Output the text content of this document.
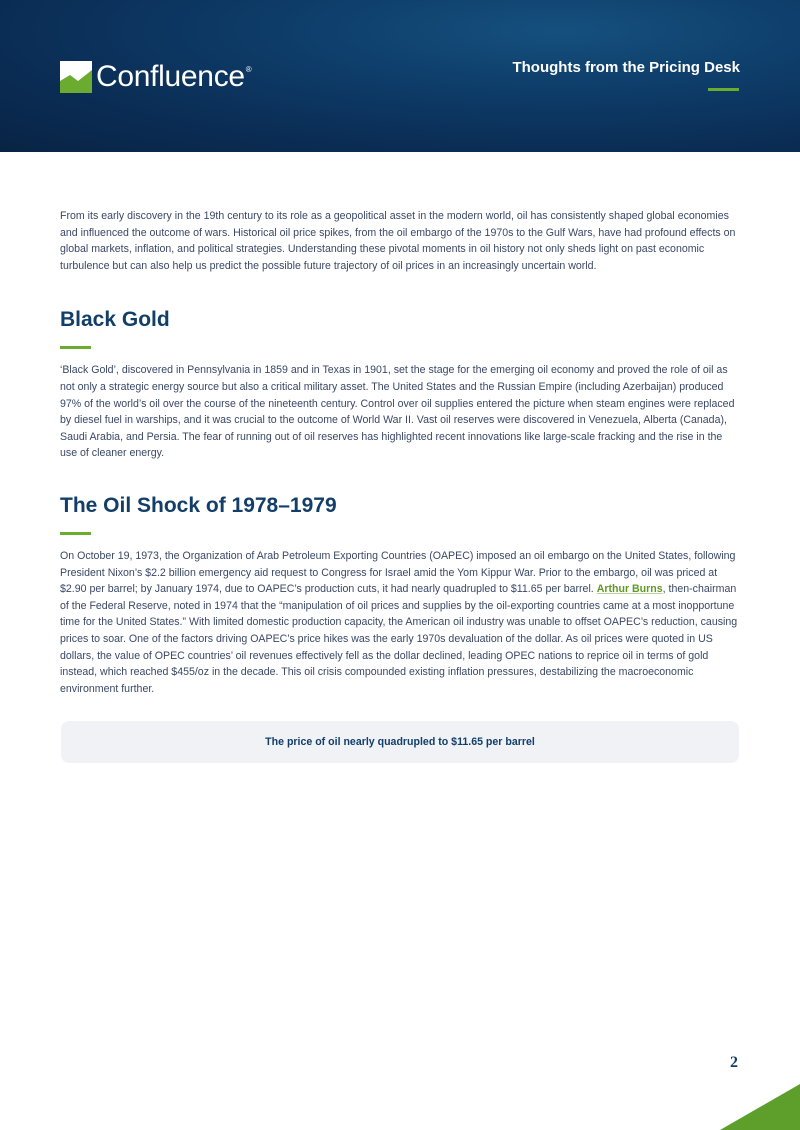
Confluence ®	Thoughts from the Pricing Desk

From its early discovery in the 19th century to its role as a geopolitical asset in the modern world, oil has consistently shaped global economies and influenced the outcome of wars. Historical oil price spikes, from the oil embargo of the 1970s to the Gulf Wars, have had profound effects on global markets, inflation, and political strategies. Understanding these pivotal moments in oil history not only sheds light on past economic turbulence but can also help us predict the possible future trajectory of oil prices in an increasingly uncertain world.

Black Gold

‘Black Gold’, discovered in Pennsylvania in 1859 and in Texas in 1901, set the stage for the emerging oil economy and proved the role of oil as not only a strategic energy source but also a critical military asset. The United States and the Russian Empire (including Azerbaijan) produced 97% of the world’s oil over the course of the nineteenth century. Control over oil supplies entered the picture when steam engines were replaced by diesel fuel in warships, and it was crucial to the outcome of World War II. Vast oil reserves were discovered in Venezuela, Alberta (Canada), Saudi Arabia, and Persia. The fear of running out of oil reserves has highlighted recent innovations like large-scale fracking and the rise in the use of cleaner energy.

The Oil Shock of 1978–1979

On October 19, 1973, the Organization of Arab Petroleum Exporting Countries (OAPEC) imposed an oil embargo on the United States, following President Nixon’s $2.2 billion emergency aid request to Congress for Israel amid the Yom Kippur War. Prior to the embargo, oil was priced at $2.90 per barrel; by January 1974, due to OAPEC’s production cuts, it had nearly quadrupled to $11.65 per barrel. Arthur Burns, then-chairman of the Federal Reserve, noted in 1974 that the “manipulation of oil prices and supplies by the oil-exporting countries came at a most inopportune time for the United States.” With limited domestic production capacity, the American oil industry was unable to offset OAPEC’s reduction, causing prices to soar. One of the factors driving OAPEC’s price hikes was the early 1970s devaluation of the dollar. As oil prices were quoted in US dollars, the value of OPEC countries’ oil revenues effectively fell as the dollar declined, leading OPEC nations to reprice oil in terms of gold instead, which reached $455/oz in the decade. This oil crisis compounded existing inflation pressures, destabilizing the macroeconomic environment further.

The price of oil nearly quadrupled to $11.65 per barrel
2
